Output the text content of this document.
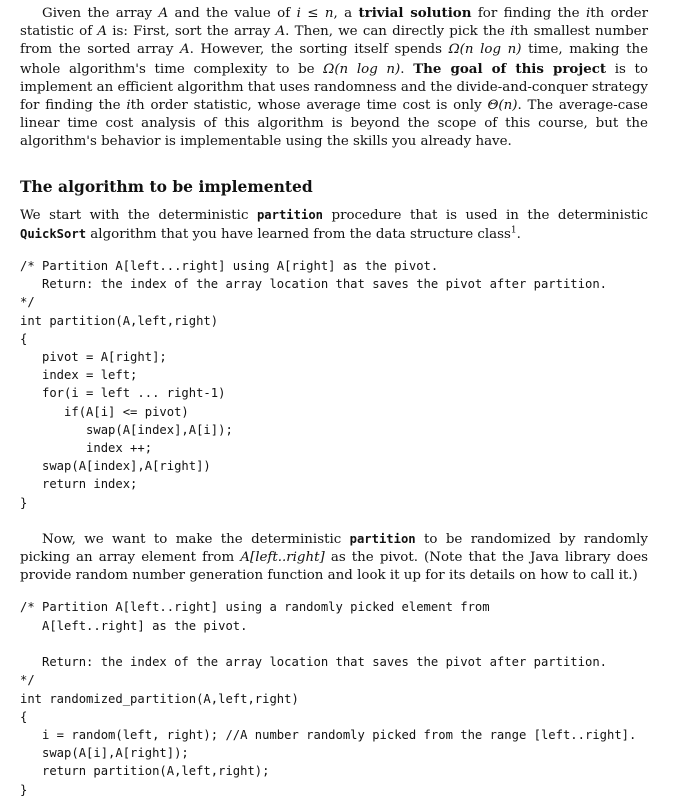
Given the array A and the value of i ≤ n, a trivial solution for finding the ith order statistic of A is: First, sort the array A. Then, we can directly pick the ith smallest number from the sorted array A. However, the sorting itself spends Ω(n log n) time, making the whole algorithm's time complexity to be Ω(n log n). The goal of this project is to implement an efficient algorithm that uses randomness and the divide-and-conquer strategy for finding the ith order statistic, whose average time cost is only Θ(n). The average-case linear time cost analysis of this algorithm is beyond the scope of this course, but the algorithm's behavior is implementable using the skills you already have.

The algorithm to be implemented

We start with the deterministic partition procedure that is used in the deterministic QuickSort algorithm that you have learned from the data structure class$^1$.

/* Partition A[left...right] using A[right] as the pivot.
Return: the index of the array location that saves the pivot after partition.
*/
int partition(A,left,right)
{
pivot = A[right];
index = left;
for(i = left ... right-1)
if(A[i] <= pivot)
swap(A[index],A[i]);
index ++;
swap(A[index],A[right])
return index;
}

Now, we want to make the deterministic partition to be randomized by randomly picking an array element from A[left..right] as the pivot. (Note that the Java library does provide random number generation function and look it up for its details on how to call it.)

/* Partition A[left..right] using a randomly picked element from
A[left..right] as the pivot.

Return: the index of the array location that saves the pivot after partition.
*/
int randomized_partition(A,left,right)
{
i = random(left, right); //A number randomly picked from the range [left..right].
swap(A[i],A[right]);
return partition(A,left,right);
}
